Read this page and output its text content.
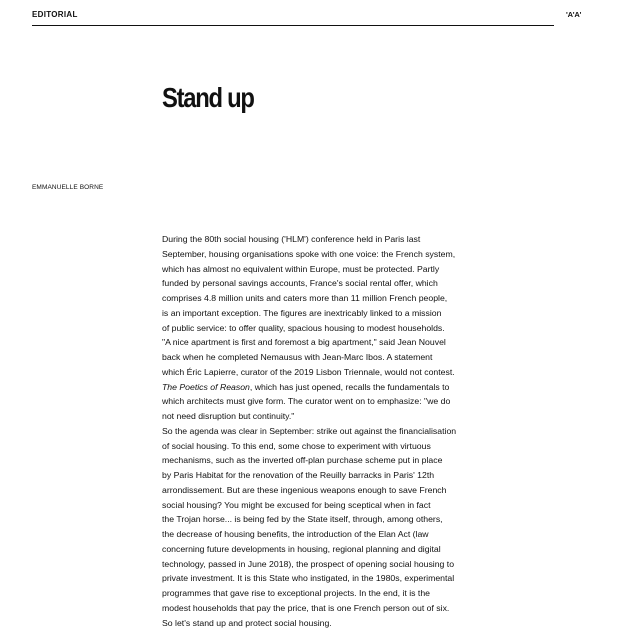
EDITORIAL	'A'A'
Stand up
EMMANUELLE BORNE

During the 80th social housing ('HLM') conference held in Paris last

September, housing organisations spoke with one voice: the French system,

which has almost no equivalent within Europe, must be protected. Partly

funded by personal savings accounts, France's social rental offer, which

comprises 4.8 million units and caters more than 11 million French people,

is an important exception. The figures are inextricably linked to a mission

of public service: to offer quality, spacious housing to modest households.

"A nice apartment is first and foremost a big apartment," said Jean Nouvel

back when he completed Nemausus with Jean-Marc Ibos. A statement

which Éric Lapierre, curator of the 2019 Lisbon Triennale, would not contest.

The Poetics of Reason, which has just opened, recalls the fundamentals to

which architects must give form. The curator went on to emphasize: "we do

not need disruption but continuity."

So the agenda was clear in September: strike out against the financialisation

of social housing. To this end, some chose to experiment with virtuous

mechanisms, such as the inverted off-plan purchase scheme put in place

by Paris Habitat for the renovation of the Reuilly barracks in Paris' 12th

arrondissement. But are these ingenious weapons enough to save French

social housing? You might be excused for being sceptical when in fact

the Trojan horse... is being fed by the State itself, through, among others,

the decrease of housing benefits, the introduction of the Elan Act (law

concerning future developments in housing, regional planning and digital

technology, passed in June 2018), the prospect of opening social housing to

private investment. It is this State who instigated, in the 1980s, experimental

programmes that gave rise to exceptional projects. In the end, it is the

modest households that pay the price, that is one French person out of six.

So let's stand up and protect social housing.
